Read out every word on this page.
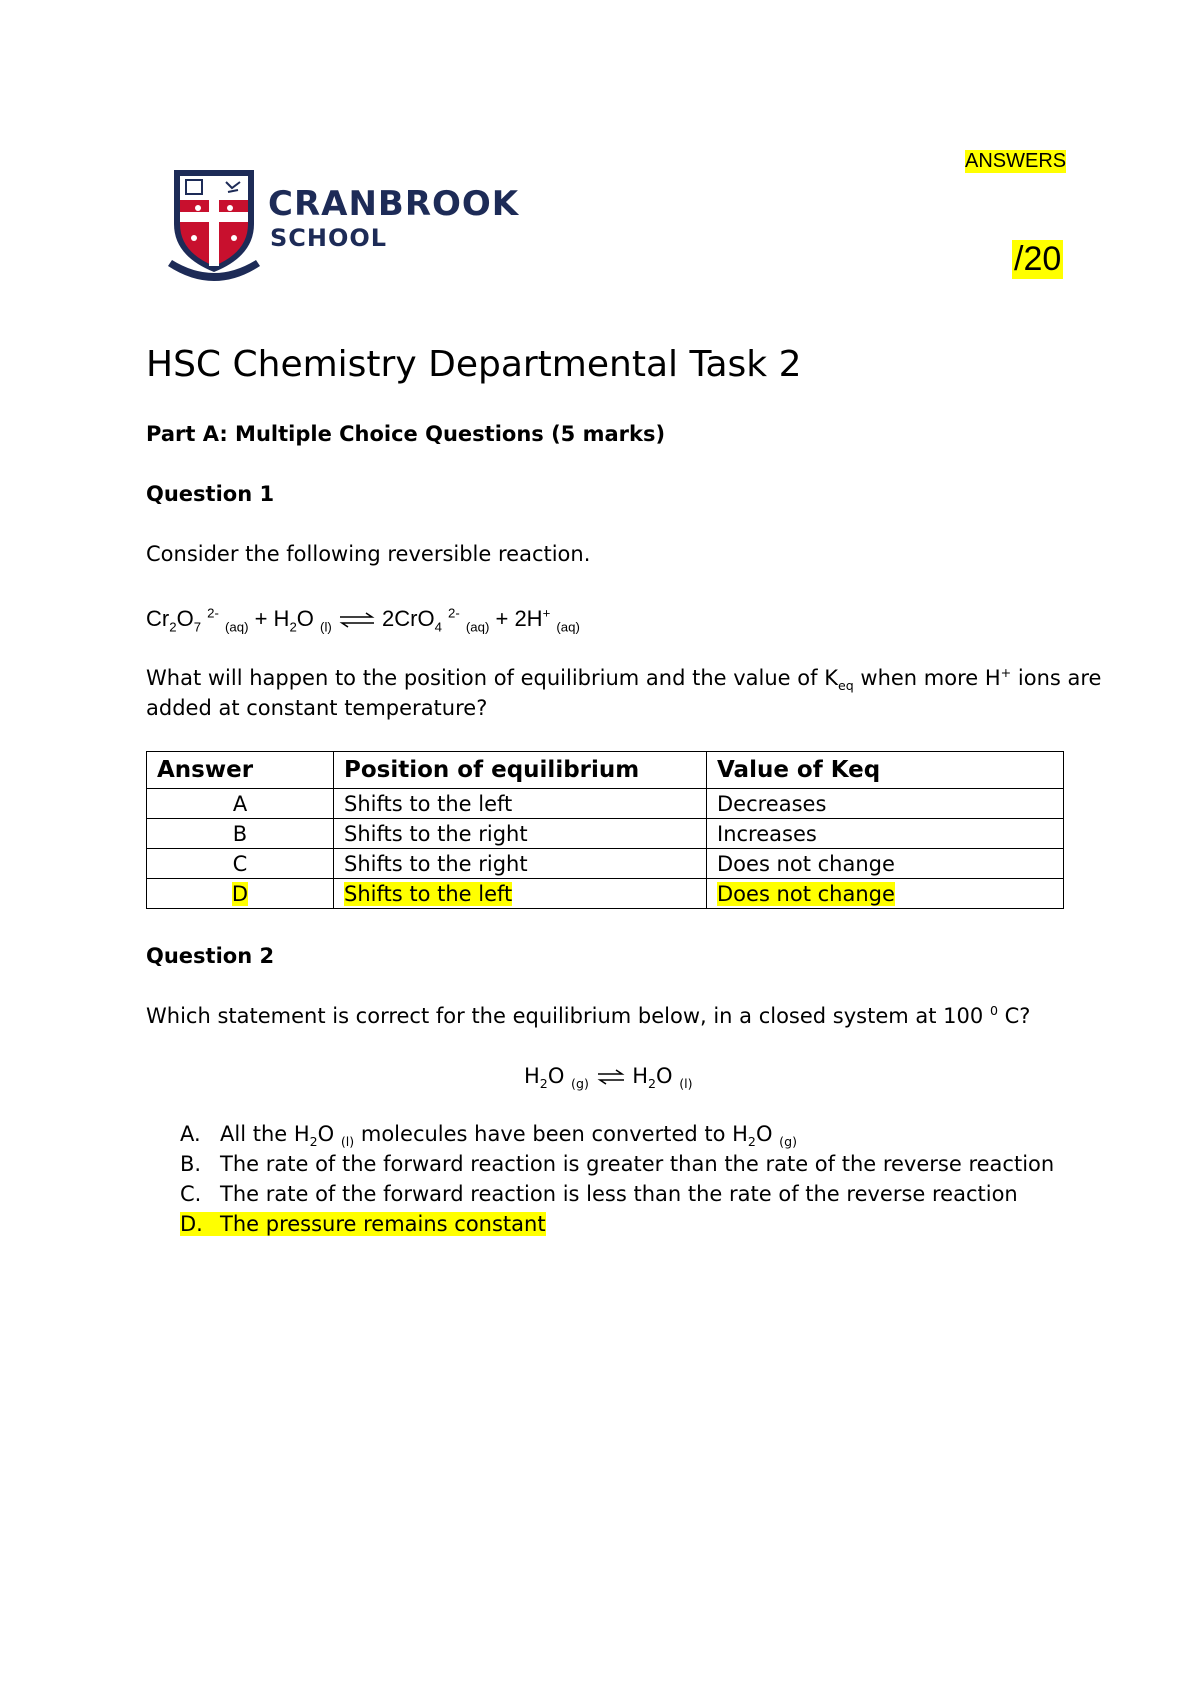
ANSWERS
/20
CRANBROOK
SCHOOL
HSC Chemistry Departmental Task 2
Part A: Multiple Choice Questions (5 marks)
Question 1
Consider the following reversible reaction.
$Cr_2O_7$ $^{2-}$ $_{(aq)} + H_2O$ $_{(l)}$ ⇌ 2CrO$_4$ $^{2-}$ $_{(aq)}$ + 2H+ $_{(aq)}$
What will happen to the position of equilibrium and the value of $K_{eq}$ when more H+ ions are
added at constant temperature?
Answer	Position of equilibrium	Value of Keq
A	Shifts to the left	Decreases
B	Shifts to the right	Increases
C	Shifts to the right	Does not change
D	Shifts to the left	Does not change
Question 2
Which statement is correct for the equilibrium below, in a closed system at 100 $^0$ C?
$H_2O$ $_{(g)}$ ⇌ $H_2O$ $_{(l)}$
A. All the $H_2O$ $_{(l)}$ molecules have been converted to $H_2O$ $_{(g)}$
B. The rate of the forward reaction is greater than the rate of the reverse reaction
C. The rate of the forward reaction is less than the rate of the reverse reaction
D. The pressure remains constant
